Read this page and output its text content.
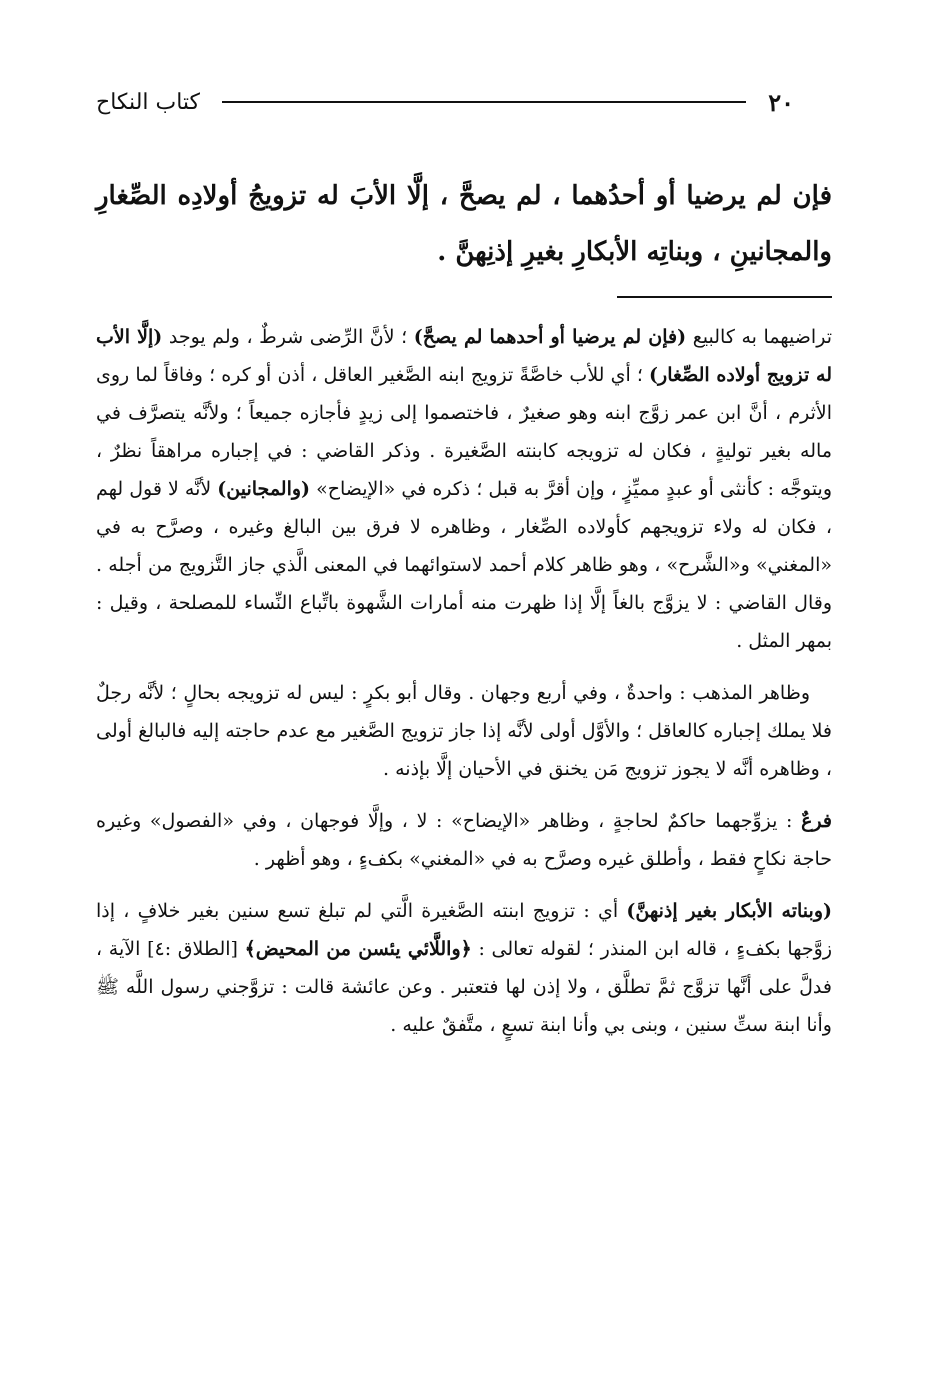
٢٠
كتاب النكاح
فإن لم يرضيا أو أحدُهما ، لم يصحَّ ، إلَّا الأبَ له تزويجُ أولادِه الصِّغارِ والمجانينِ ، وبناتِه الأبكارِ بغيرِ إذنِهنَّ .

تراضيهما به كالبيع (فإن لم يرضيا أو أحدهما لم يصحَّ) ؛ لأنَّ الرِّضى شرطٌ ، ولم يوجد (إلَّا الأب له تزويج أولاده الصِّغار) ؛ أي للأب خاصَّةً تزويج ابنه الصَّغير العاقل ، أذن أو كره ؛ وفاقاً لما روى الأثرم ، أنَّ ابن عمر زوَّج ابنه وهو صغيرٌ ، فاختصموا إلى زيدٍ فأجازه جميعاً ؛ ولأنَّه يتصرَّف في ماله بغير توليةٍ ، فكان له تزويجه كابنته الصَّغيرة . وذكر القاضي : في إجباره مراهقاً نظرٌ ، ويتوجَّه : كأنثى أو عبدٍ مميِّزٍ ، وإن أقرَّ به قبل ؛ ذكره في «الإيضاح» (والمجانين) لأنَّه لا قول لهم ، فكان له ولاء تزويجهم كأولاده الصِّغار ، وظاهره لا فرق بين البالغ وغيره ، وصرَّح به في «المغني» و«الشَّرح» ، وهو ظاهر كلام أحمد لاستوائهما في المعنى الَّذي جاز التَّزويج من أجله . وقال القاضي : لا يزوَّج بالغاً إلَّا إذا ظهرت منه أمارات الشَّهوة باتِّباع النِّساء للمصلحة ، وقيل : بمهر المثل .

وظاهر المذهب : واحدةٌ ، وفي أربع وجهان . وقال أبو بكرٍ : ليس له تزويجه بحالٍ ؛ لأنَّه رجلٌ فلا يملك إجباره كالعاقل ؛ والأوَّل أولى لأنَّه إذا جاز تزويج الصَّغير مع عدم حاجته إليه فالبالغ أولى ، وظاهره أنَّه لا يجوز تزويج مَن يخنق في الأحيان إلَّا بإذنه .

فرعٌ : يزوِّجهما حاكمٌ لحاجةٍ ، وظاهر «الإيضاح» : لا ، وإلَّا فوجهان ، وفي «الفصول» وغيره حاجة نكاحٍ فقط ، وأطلق غيره وصرَّح به في «المغني» بكفءٍ ، وهو أظهر .

(وبناته الأبكار بغير إذنهنَّ) أي : تزويج ابنته الصَّغيرة الَّتي لم تبلغ تسع سنين بغير خلافٍ ، إذا زوَّجها بكفءٍ ، قاله ابن المنذر ؛ لقوله تعالى : ﴿واللَّائي يئسن من المحيض﴾ [الطلاق :٤] الآية ، فدلَّ على أنَّها تزوَّج ثمَّ تطلَّق ، ولا إذن لها فتعتبر . وعن عائشة قالت : تزوَّجني رسول اللَّه ﷺ وأنا ابنة ستِّ سنين ، وبنى بي وأنا ابنة تسعٍ ، متَّفقٌ عليه .
